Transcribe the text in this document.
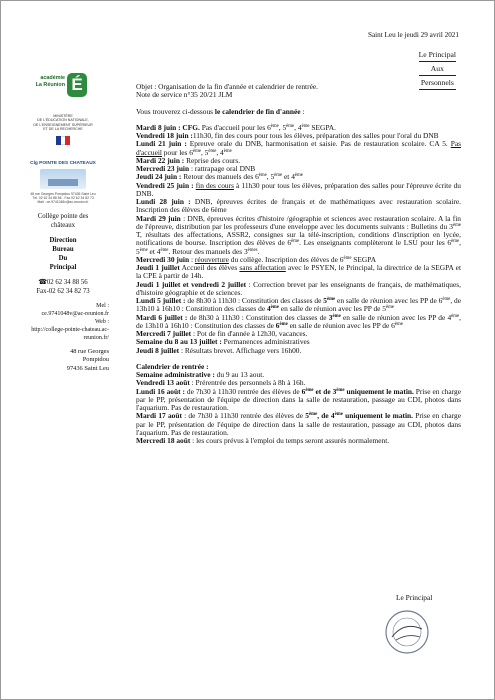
Saint Leu le jeudi 29 avril 2021
Le Principal
Aux
Personnels
académie
La Réunion É
MINISTÈRE
DE L'ÉDUCATION NATIONALE,
DE L'ENSEIGNEMENT SUPÉRIEUR
ET DE LA RECHERCHE
Clg POINTE DES CHATEAUX
48 rue Georges Pompidou 97436 Saint Leu
Tél. 02 62 34 88 56 - Fax 02 62 34 82 73
Mail : ce.9741048v@ac-reunion.fr
Collège pointe des
châteaux
Direction
Bureau
Du
Principal
☎02 62 34 88 56
Fax-02 62 34 82 73
Mel :
ce.9741048v@ac-reunion.fr
Web :
http://college-pointe-chateau.ac-reunion.fr/
48 rue Georges
Pompidou
97436 Saint Leu

Objet : Organisation de la fin d'année et calendrier de rentrée.

Note de service n°35 20/21 JLM

Vous trouverez ci-dessous le calendrier de fin d'année :

Mardi 8 juin : CFG. Pas d'accueil pour les 6ème, 5ème, 4ème SEGPA.

Vendredi 18 juin :11h30, fin des cours pour tous les élèves, préparation des salles pour l'oral du DNB

Lundi 21 juin : Epreuve orale du DNB, harmonisation et saisie. Pas de restauration scolaire. CA 5. Pas d'accueil pour les 6ème, 5ème, 4ème

Mardi 22 juin : Reprise des cours.

Mercredi 23 juin : rattrapage oral DNB

Jeudi 24 juin : Retour des manuels des 6ème, 5ème et 4ème

Vendredi 25 juin : fin des cours à 11h30 pour tous les élèves, préparation des salles pour l'épreuve écrite du DNB.

Lundi 28 juin : DNB, épreuves écrites de français et de mathématiques avec restauration scolaire. Inscription des élèves de 6ème

Mardi 29 juin : DNB, épreuves écrites d'histoire /géographie et sciences avec restauration scolaire. A la fin de l'épreuve, distribution par les professeurs d'une enveloppe avec les documents suivants : Bulletins du 3ème T, résultats des affectations, ASSR2, consignes sur la télé-inscription, conditions d'inscription en lycée, notifications de bourse. Inscription des élèves de 6ème. Les enseignants complèteront le LSU pour les 6ème, 5ème et 4ème. Retour des manuels des 3èmes.

Mercredi 30 juin : réouverture du collège. Inscription des élèves de 6ème SEGPA

Jeudi 1 juillet Accueil des élèves sans affectation avec le PSYEN, le Principal, la directrice de la SEGPA et la CPE à partir de 14h.

Jeudi 1 juillet et vendredi 2 juillet : Correction brevet par les enseignants de français, de mathématiques, d'histoire géographie et de sciences.

Lundi 5 juillet : de 8h30 à 11h30 : Constitution des classes de 5ème en salle de réunion avec les PP de 6ème, de 13h10 à 16h10 : Constitution des classes de 4ème en salle de réunion avec les PP de 5ème

Mardi 6 juillet : de 8h30 à 11h30 : Constitution des classes de 3ème en salle de réunion avec les PP de 4ème, de 13h10 à 16h10 : Constitution des classes de 6ème en salle de réunion avec les PP de 6ème

Mercredi 7 juillet : Pot de fin d'année à 12h30, vacances.

Semaine du 8 au 13 juillet : Permanences administratives

Jeudi 8 juillet : Résultats brevet. Affichage vers 16h00.

Calendrier de rentrée :

Semaine administrative : du 9 au 13 aout.

Vendredi 13 août : Prérentrée des personnels à 8h à 16h.

Lundi 16 août : de 7h30 à 11h30 rentrée des élèves de 6ème et de 3ème uniquement le matin. Prise en charge par le PP, présentation de l'équipe de direction dans la salle de restauration, passage au CDI, photos dans l'aquarium. Pas de restauration.

Mardi 17 août : de 7h30 à 11h30 rentrée des élèves de 5ème, de 4ème uniquement le matin. Prise en charge par le PP, présentation de l'équipe de direction dans la salle de restauration, passage au CDI, photos dans l'aquarium. Pas de restauration.

Mercredi 18 août : les cours prévus à l'emploi du temps seront assurés normalement.

Le Principal
